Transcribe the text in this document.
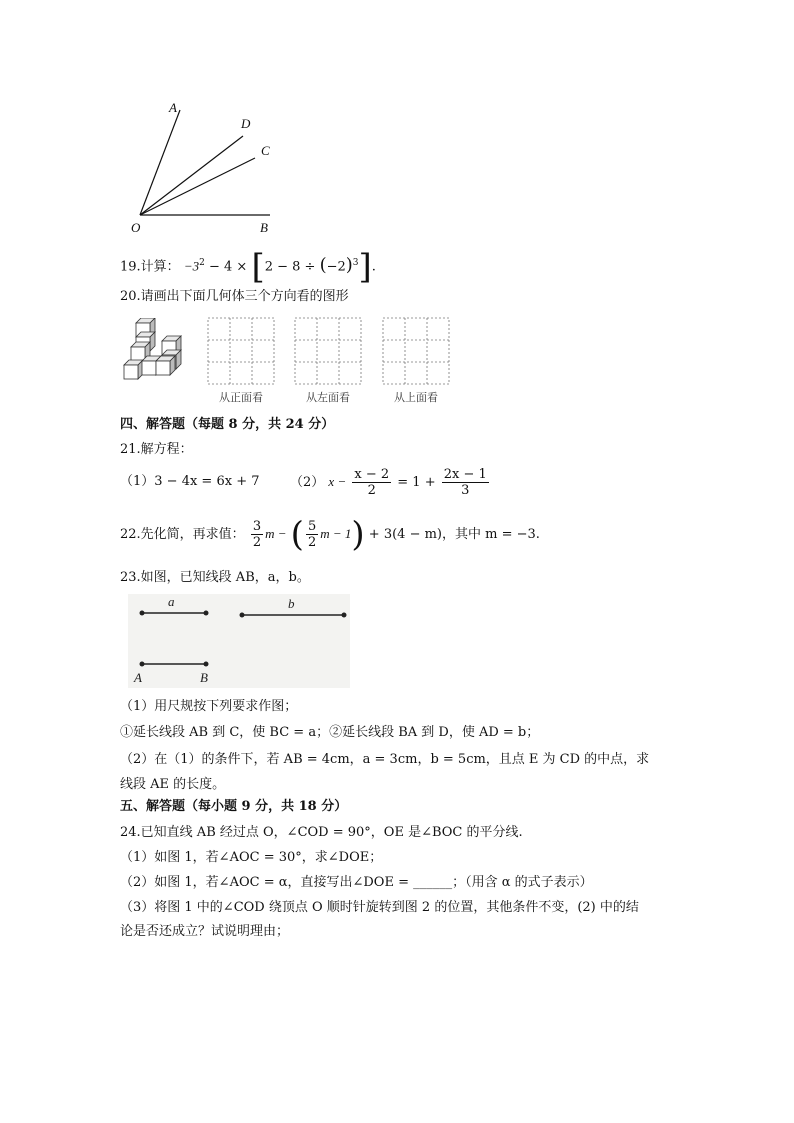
A
D
C
O	B
19.计算： $-3^2 - 4 \times [2 - 8 \div (-2)^3]$.
20.请画出下面几何体三个方向看的图形
从正面看	从左面看	从上面看
四、解答题（每题 8 分，共 24 分）
21.解方程：
（1）3 − 4x = 6x + 7 （2） $x - \frac{x - 2}{2} = 1 + \frac{2x - 1}{3}$
22.先化简，再求值： $\frac{3}{2}$ m − ( $\frac{5}{2}$ m − 1) + 3(4 − m)，其中 m = −3.
23.如图，已知线段 AB，a，b。
a	b
A	B
（1）用尺规按下列要求作图；
①延长线段 AB 到 C，使 BC = a；②延长线段 BA 到 D，使 AD = b；
（2）在（1）的条件下，若 AB = 4cm，a = 3cm，b = 5cm，且点 E 为 CD 的中点，求
线段 AE 的长度。
五、解答题（每小题 9 分，共 18 分）
24.已知直线 AB 经过点 O，∠COD = 90°，OE 是∠BOC 的平分线.
（1）如图 1，若∠AOC = 30°，求∠DOE；
（2）如图 1，若∠AOC = α，直接写出∠DOE = ______；（用含 α 的式子表示）
（3）将图 1 中的∠COD 绕顶点 O 顺时针旋转到图 2 的位置，其他条件不变，(2) 中的结
论是否还成立？试说明理由；
